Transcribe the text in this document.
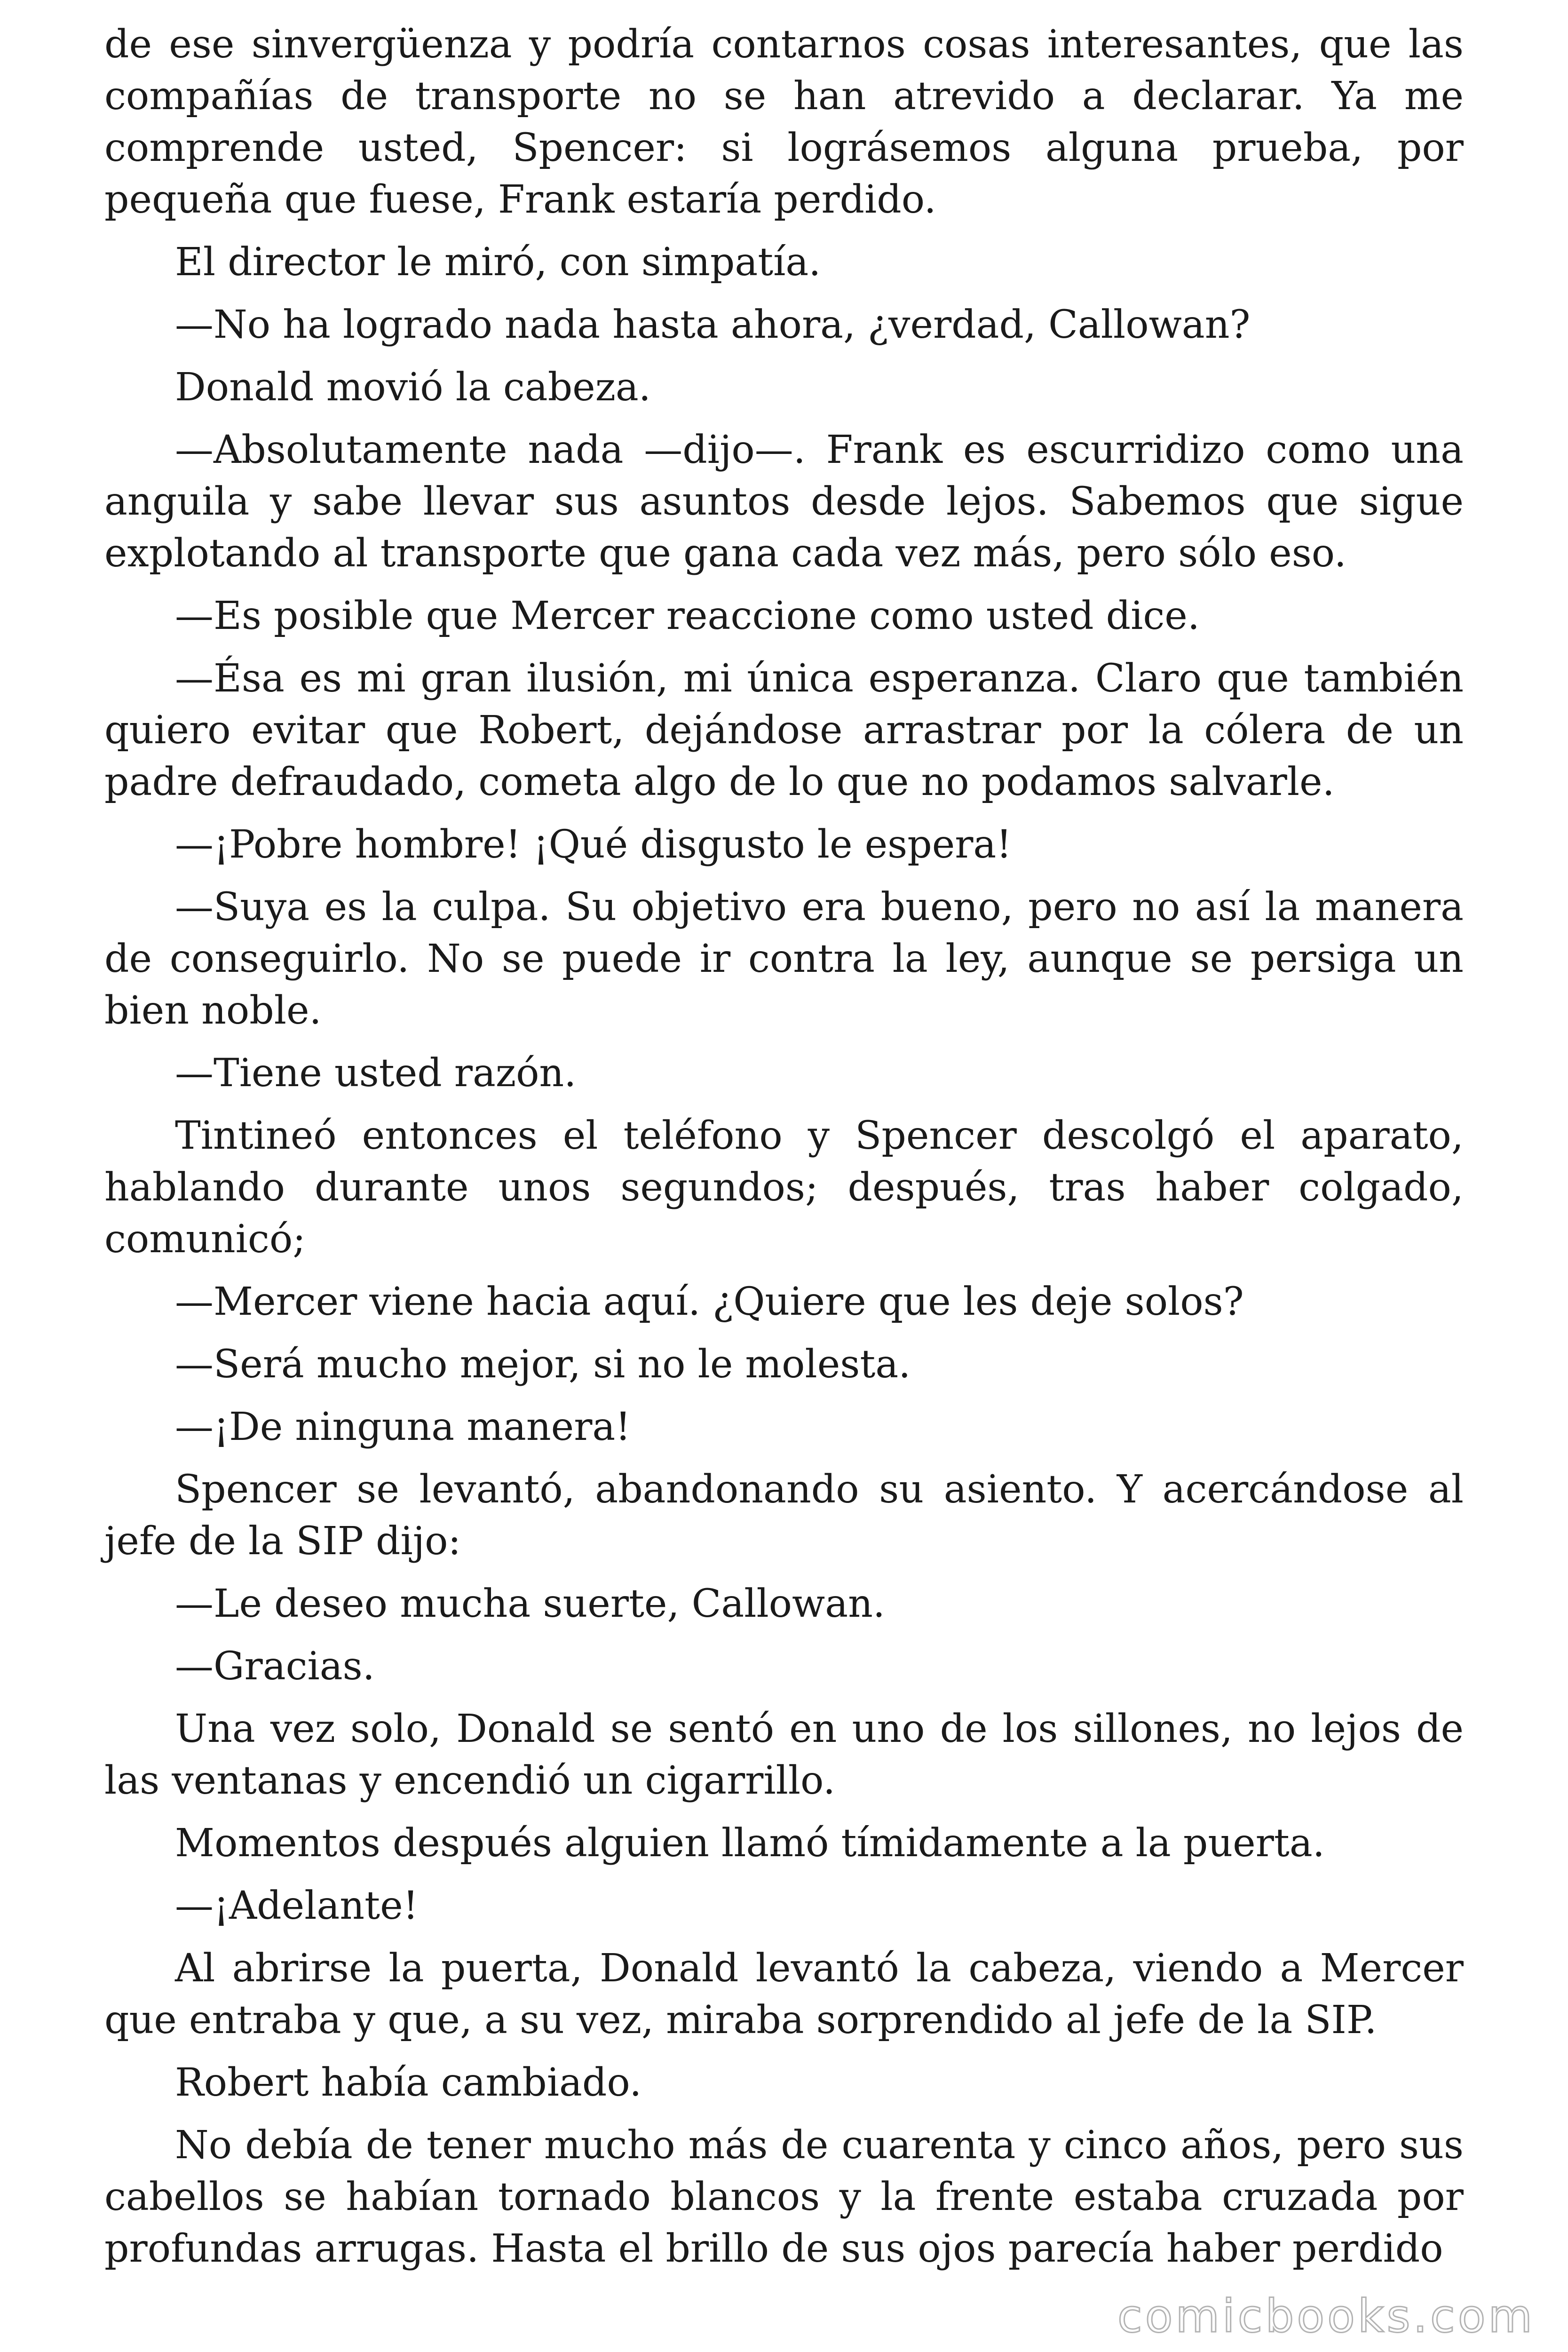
de ese sinvergüenza y podría contarnos cosas interesantes, que las compañías de transporte no se han atrevido a declarar. Ya me comprende usted, Spencer: si lográsemos alguna prueba, por pequeña que fuese, Frank estaría perdido.

El director le miró, con simpatía.

—No ha logrado nada hasta ahora, ¿verdad, Callowan?

Donald movió la cabeza.

—Absolutamente nada —dijo—. Frank es escurridizo como una anguila y sabe llevar sus asuntos desde lejos. Sabemos que sigue explotando al transporte que gana cada vez más, pero sólo eso.

—Es posible que Mercer reaccione como usted dice.

—Ésa es mi gran ilusión, mi única esperanza. Claro que también quiero evitar que Robert, dejándose arrastrar por la cólera de un padre defraudado, cometa algo de lo que no podamos salvarle.

—¡Pobre hombre! ¡Qué disgusto le espera!

—Suya es la culpa. Su objetivo era bueno, pero no así la manera de conseguirlo. No se puede ir contra la ley, aunque se persiga un bien noble.

—Tiene usted razón.

Tintineó entonces el teléfono y Spencer descolgó el aparato, hablando durante unos segundos; después, tras haber colgado, comunicó;

—Mercer viene hacia aquí. ¿Quiere que les deje solos?

—Será mucho mejor, si no le molesta.

—¡De ninguna manera!

Spencer se levantó, abandonando su asiento. Y acercándose al jefe de la SIP dijo:

—Le deseo mucha suerte, Callowan.

—Gracias.

Una vez solo, Donald se sentó en uno de los sillones, no lejos de las ventanas y encendió un cigarrillo.

Momentos después alguien llamó tímidamente a la puerta.

—¡Adelante!

Al abrirse la puerta, Donald levantó la cabeza, viendo a Mercer que entraba y que, a su vez, miraba sorprendido al jefe de la SIP.

Robert había cambiado.

No debía de tener mucho más de cuarenta y cinco años, pero sus cabellos se habían tornado blancos y la frente estaba cruzada por profundas arrugas. Hasta el brillo de sus ojos parecía haber perdido

comicbooks.com
